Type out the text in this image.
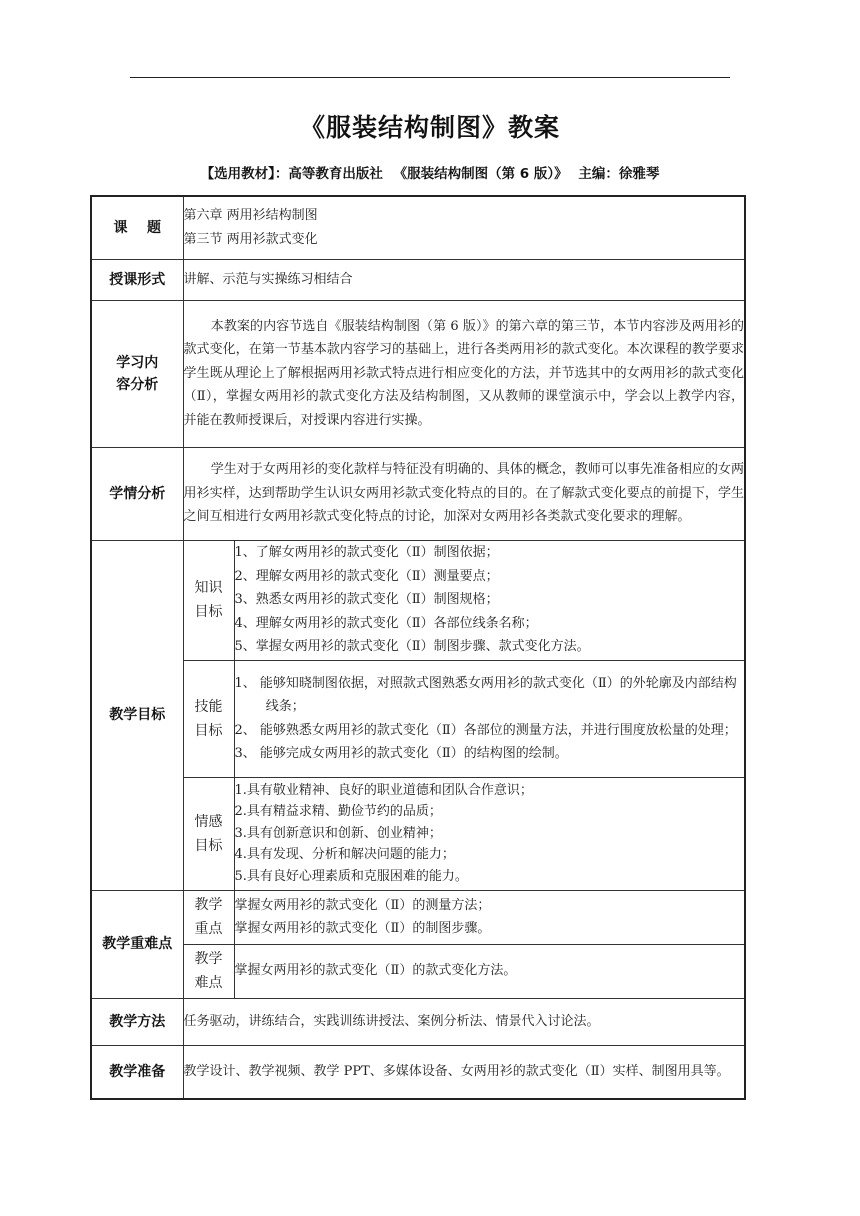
《服装结构制图》教案
【选用教材】：高等教育出版社 《服装结构制图（第 6 版）》 主编：徐雅琴
课    题	第六章 两用衫结构制图
第三节 两用衫款式变化	

授课形式	讲解、示范与实操练习相结合	
学习内容分析	本教案的内容节选自《服装结构制图（第 6 版）》的第六章的第三节，本节内容涉及两用衫的款式变化，在第一节基本款内容学习的基础上，进行各类两用衫的款式变化。本次课程的教学要求学生既从理论上了解根据两用衫款式特点进行相应变化的方法，并节选其中的女两用衫的款式变化（Ⅱ），掌握女两用衫的款式变化方法及结构制图，又从教师的课堂演示中，学会以上教学内容，并能在教师授课后，对授课内容进行实操。	
学情分析	学生对于女两用衫的变化款样与特征没有明确的、具体的概念，教师可以事先准备相应的女两用衫实样，达到帮助学生认识女两用衫款式变化特点的目的。在了解款式变化要点的前提下，学生之间互相进行女两用衫款式变化特点的讨论，加深对女两用衫各类款式变化要求的理解。	
教学目标	知识目标	1、了解女两用衫的款式变化（Ⅱ）制图依据；
2、理解女两用衫的款式变化（Ⅱ）测量要点；
3、熟悉女两用衫的款式变化（Ⅱ）制图规格；
4、理解女两用衫的款式变化（Ⅱ）各部位线条名称；
5、掌握女两用衫的款式变化（Ⅱ）制图步骤、款式变化方法。

	技能目标	1、 能够知晓制图依据，对照款式图熟悉女两用衫的款式变化（Ⅱ）的外轮廓及内部结构线条；
2、 能够熟悉女两用衫的款式变化（Ⅱ）各部位的测量方法，并进行围度放松量的处理；
3、 能够完成女两用衫的款式变化（Ⅱ）的结构图的绘制。

	情感目标	1.具有敬业精神、良好的职业道德和团队合作意识；
2.具有精益求精、勤俭节约的品质；
3.具有创新意识和创新、创业精神；
4.具有发现、分析和解决问题的能力；
5.具有良好心理素质和克服困难的能力。

教学重难点	教学重点	掌握女两用衫的款式变化（Ⅱ）的测量方法；
掌握女两用衫的款式变化（Ⅱ）的制图步骤。

	教学难点	掌握女两用衫的款式变化（Ⅱ）的款式变化方法。
教学方法	任务驱动，讲练结合，实践训练讲授法、案例分析法、情景代入讨论法。	
教学准备	教学设计、教学视频、教学 PPT、多媒体设备、女两用衫的款式变化（Ⅱ）实样、制图用具等。	
